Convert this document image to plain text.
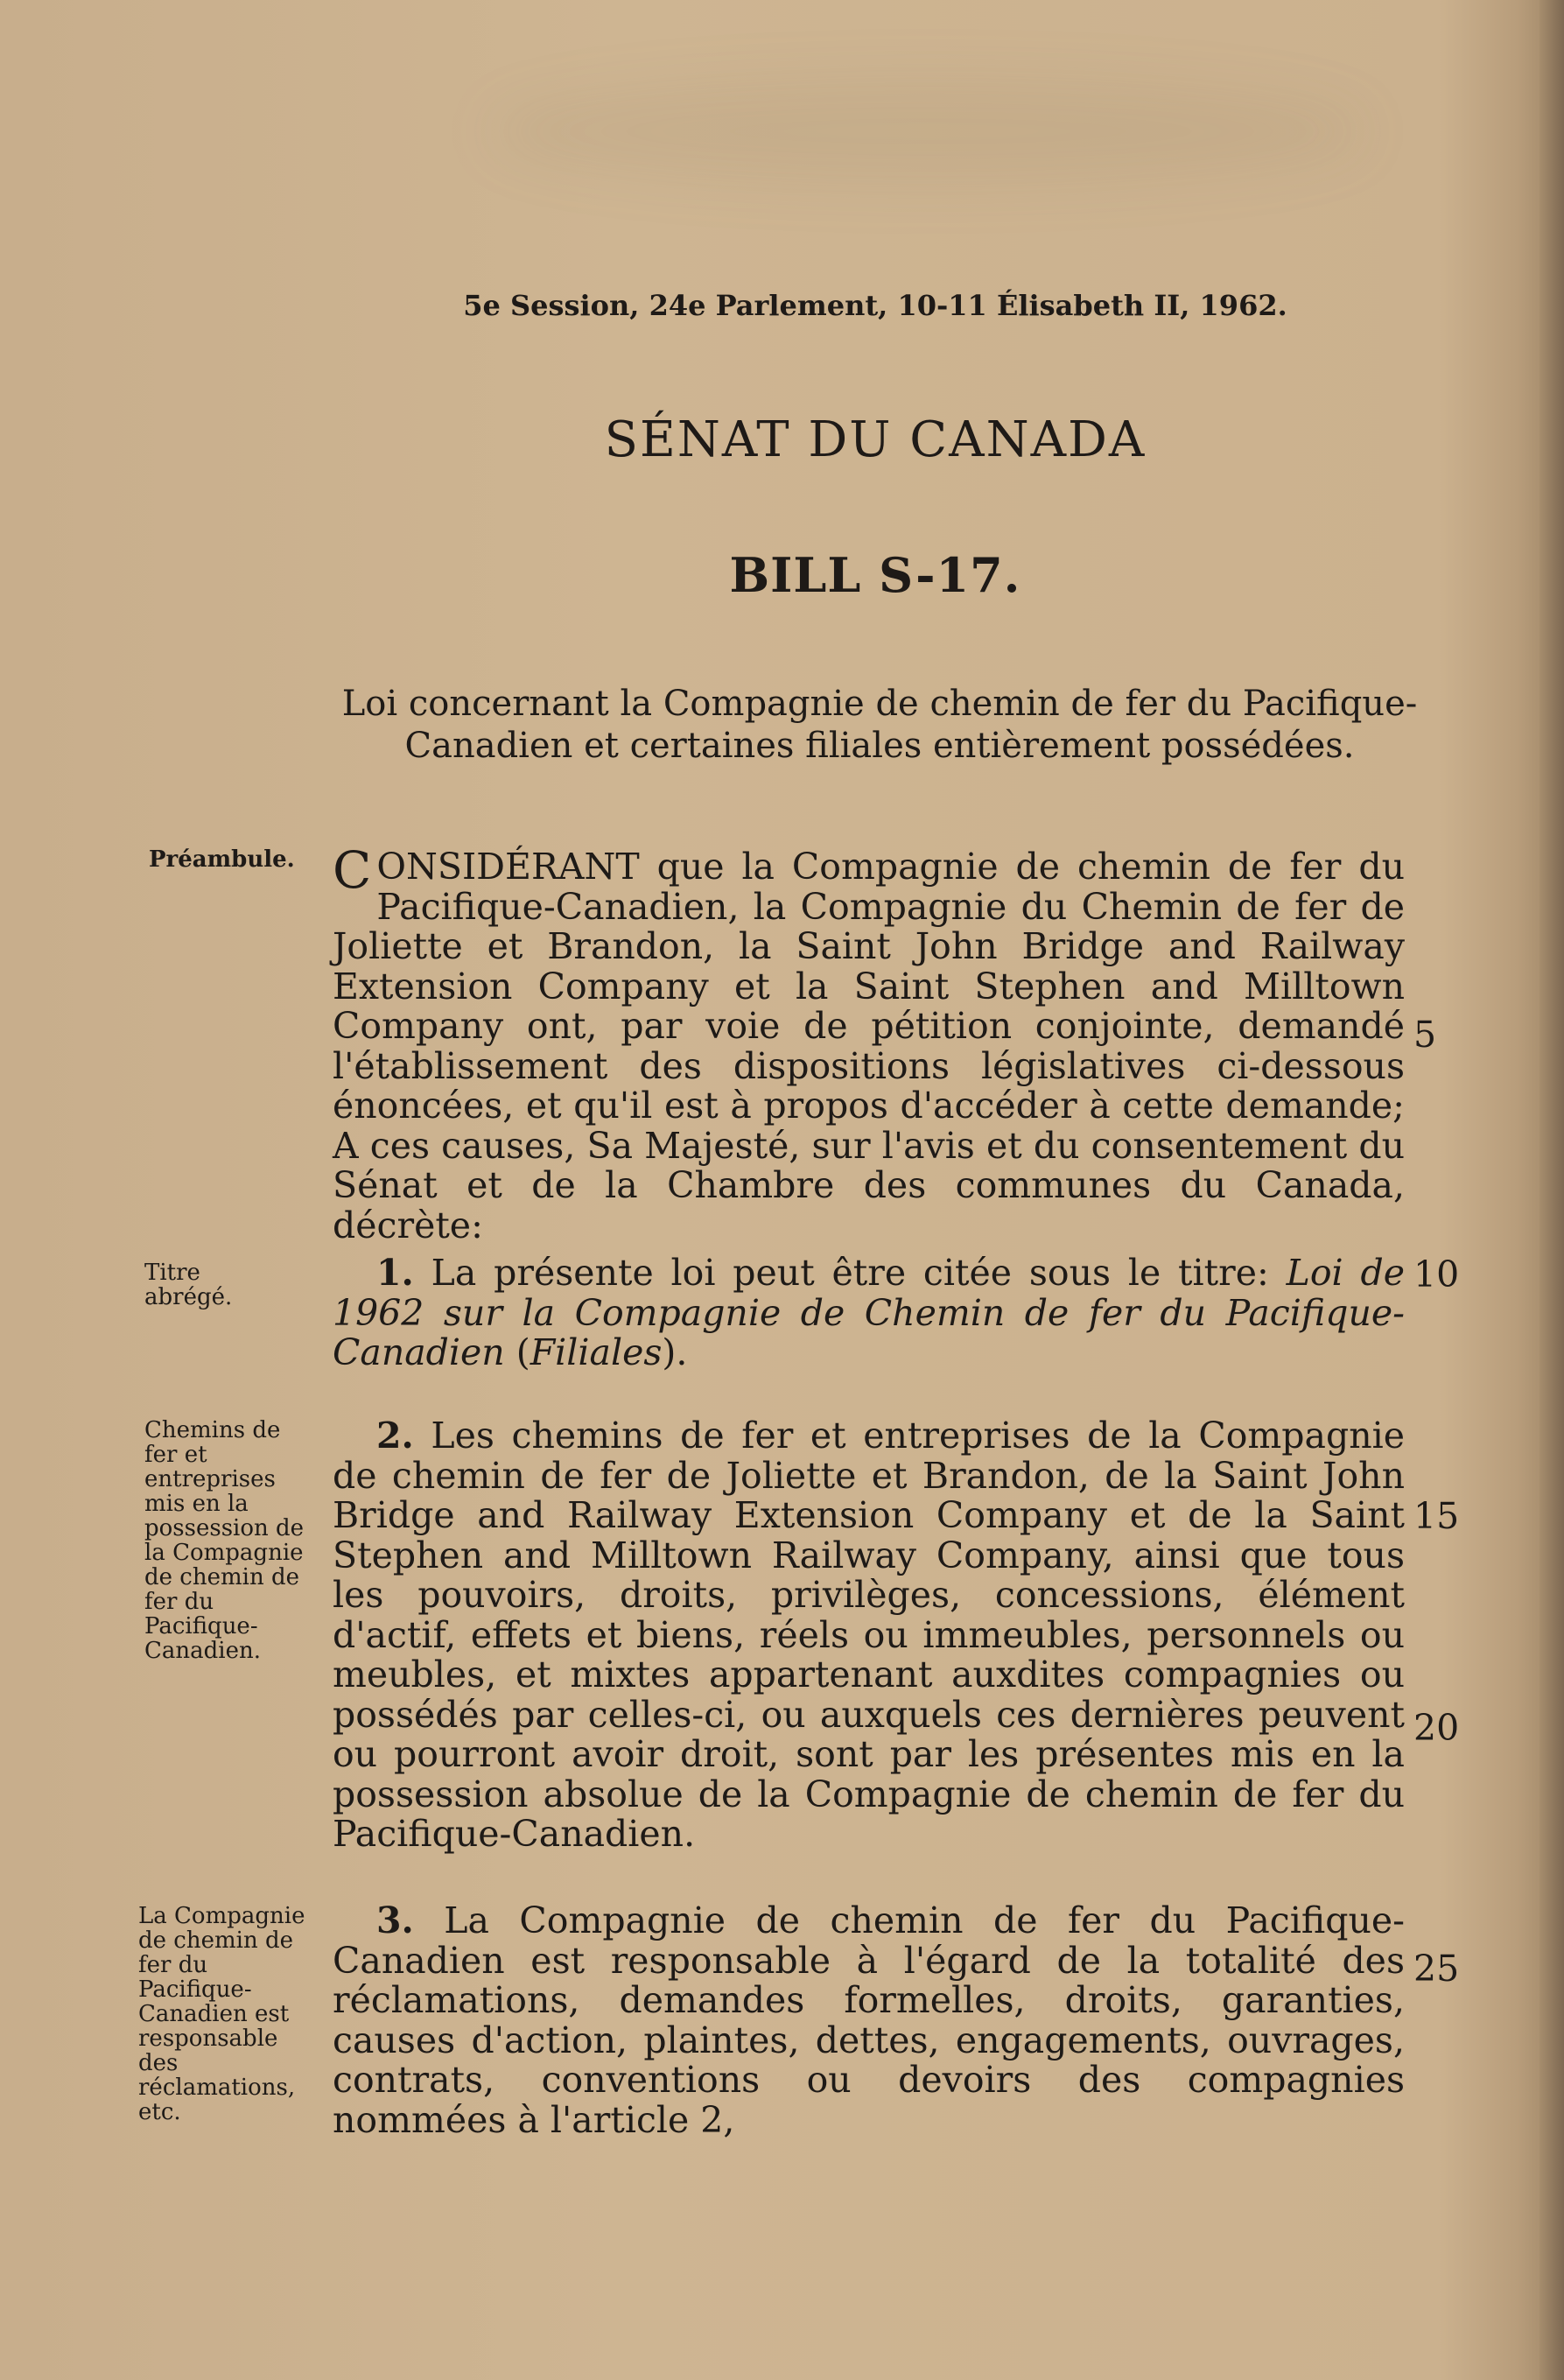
5e Session, 24e Parlement, 10-11 Élisabeth II, 1962.
SÉNAT DU CANADA
BILL S-17.
Loi concernant la Compagnie de chemin de fer du Pacifique-Canadien et certaines filiales entièrement possédées.
Préambule.
Titre abrégé.
Chemins de fer et entreprises mis en la possession de la Compagnie de chemin de fer du Pacifique-Canadien.
La Compagnie de chemin de fer du Pacifique-Canadien est responsable des réclamations, etc.

C ONSIDÉRANT que la Compagnie de chemin de fer du Pacifique-Canadien, la Compagnie du Chemin de fer de Joliette et Brandon, la Saint John Bridge and Railway Extension Company et la Saint Stephen and Milltown Company ont, par voie de pétition conjointe, demandé l'établissement des dispositions législatives ci-dessous énoncées, et qu'il est à propos d'accéder à cette demande; A ces causes, Sa Majesté, sur l'avis et du consentement du Sénat et de la Chambre des communes du Canada, décrète:

1. La présente loi peut être citée sous le titre: Loi de 1962 sur la Compagnie de Chemin de fer du Pacifique-Canadien (Filiales).

2. Les chemins de fer et entreprises de la Compagnie de chemin de fer de Joliette et Brandon, de la Saint John Bridge and Railway Extension Company et de la Saint Stephen and Milltown Railway Company, ainsi que tous les pouvoirs, droits, privilèges, concessions, élément d'actif, effets et biens, réels ou immeubles, personnels ou meubles, et mixtes appartenant auxdites compagnies ou possédés par celles-ci, ou auxquels ces dernières peuvent ou pourront avoir droit, sont par les présentes mis en la possession absolue de la Compagnie de chemin de fer du Pacifique-Canadien.

3. La Compagnie de chemin de fer du Pacifique-Canadien est responsable à l'égard de la totalité des réclamations, demandes formelles, droits, garanties, causes d'action, plaintes, dettes, engagements, ouvrages, contrats, conventions ou devoirs des compagnies nommées à l'article 2,

5
10
15
20
25
